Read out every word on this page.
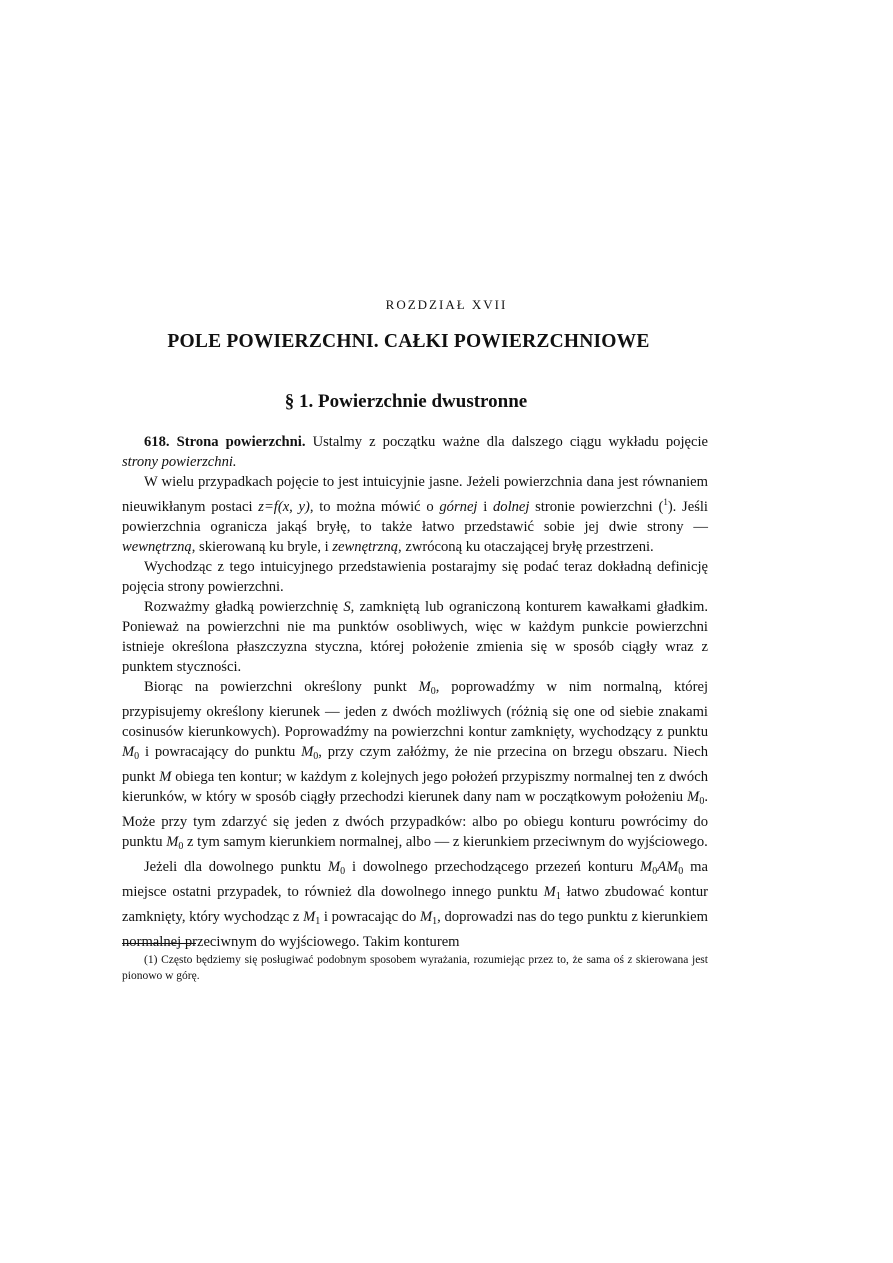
ROZDZIAŁ XVII
POLE POWIERZCHNI. CAŁKI POWIERZCHNIOWE
§ 1. Powierzchnie dwustronne

618. Strona powierzchni. Ustalmy z początku ważne dla dalszego ciągu wykładu pojęcie strony powierzchni.

W wielu przypadkach pojęcie to jest intuicyjnie jasne. Jeżeli powierzchnia dana jest równaniem nieuwikłanym postaci z=f(x, y), to można mówić o górnej i dolnej stronie powierzchni ($^1$). Jeśli powierzchnia ogranicza jakąś bryłę, to także łatwo przedstawić sobie jej dwie strony — wewnętrzną, skierowaną ku bryle, i zewnętrzną, zwróconą ku otaczającej bryłę przestrzeni.

Wychodząc z tego intuicyjnego przedstawienia postarajmy się podać teraz dokładną definicję pojęcia strony powierzchni.

Rozważmy gładką powierzchnię S, zamkniętą lub ograniczoną konturem kawałkami gładkim. Ponieważ na powierzchni nie ma punktów osobliwych, więc w każdym punkcie powierzchni istnieje określona płaszczyzna styczna, której położenie zmienia się w sposób ciągły wraz z punktem styczności.

Biorąc na powierzchni określony punkt $M_0$, poprowadźmy w nim normalną, której przypisujemy określony kierunek — jeden z dwóch możliwych (różnią się one od siebie znakami cosinusów kierunkowych). Poprowadźmy na powierzchni kontur zamknięty, wychodzący z punktu $M_0$ i powracający do punktu $M_0$, przy czym załóżmy, że nie przecina on brzegu obszaru. Niech punkt M obiega ten kontur; w każdym z kolejnych jego położeń przypiszmy normalnej ten z dwóch kierunków, w który w sposób ciągły przechodzi kierunek dany nam w początkowym położeniu $M_0$. Może przy tym zdarzyć się jeden z dwóch przypadków: albo po obiegu konturu powrócimy do punktu $M_0$ z tym samym kierunkiem normalnej, albo — z kierunkiem przeciwnym do wyjściowego.

Jeżeli dla dowolnego punktu $M_0$ i dowolnego przechodzącego przezeń konturu $M_0AM_0$ ma miejsce ostatni przypadek, to również dla dowolnego innego punktu $M_1$ łatwo zbudować kontur zamknięty, który wychodząc z $M_1$ i powracając do $M_1$, doprowadzi nas do tego punktu z kierunkiem normalnej przeciwnym do wyjściowego. Takim konturem

(1) Często będziemy się posługiwać podobnym sposobem wyrażania, rozumiejąc przez to, że sama oś z skierowana jest pionowo w górę.
